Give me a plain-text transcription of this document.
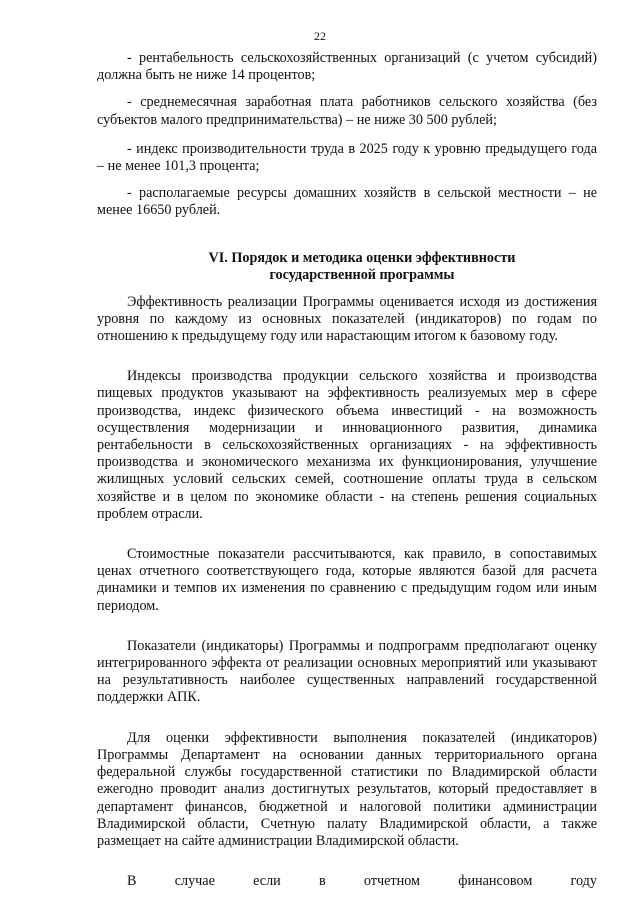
22

- рентабельность сельскохозяйственных организаций (с учетом субсидий) должна быть не ниже 14 процентов;

- среднемесячная заработная плата работников сельского хозяйства (без субъектов малого предпринимательства) – не ниже 30 500 рублей;

- индекс производительности труда в 2025 году к уровню предыдущего года – не менее 101,3 процента;

- располагаемые ресурсы домашних хозяйств в сельской местности – не менее 16650 рублей.

VI. Порядок и методика оценки эффективности
государственной программы

Эффективность реализации Программы оценивается исходя из достижения уровня по каждому из основных показателей (индикаторов) по годам по отношению к предыдущему году или нарастающим итогом к базовому году.

Индексы производства продукции сельского хозяйства и производства пищевых продуктов указывают на эффективность реализуемых мер в сфере производства, индекс физического объема инвестиций - на возможность осуществления модернизации и инновационного развития, динамика рентабельности в сельскохозяйственных организациях - на эффективность производства и экономического механизма их функционирования, улучшение жилищных условий сельских семей, соотношение оплаты труда в сельском хозяйстве и в целом по экономике области - на степень решения социальных проблем отрасли.

Стоимостные показатели рассчитываются, как правило, в сопоставимых ценах отчетного соответствующего года, которые являются базой для расчета динамики и темпов их изменения по сравнению с предыдущим годом или иным периодом.

Показатели (индикаторы) Программы и подпрограмм предполагают оценку интегрированного эффекта от реализации основных мероприятий или указывают на результативность наиболее существенных направлений государственной поддержки АПК.

Для оценки эффективности выполнения показателей (индикаторов) Программы Департамент на основании данных территориального органа федеральной службы государственной статистики по Владимирской области ежегодно проводит анализ достигнутых результатов, который предоставляет в департамент финансов, бюджетной и налоговой политики администрации Владимирской области, Счетную палату Владимирской области, а также размещает на сайте администрации Владимирской области.

В случае если в отчетном финансовом году
